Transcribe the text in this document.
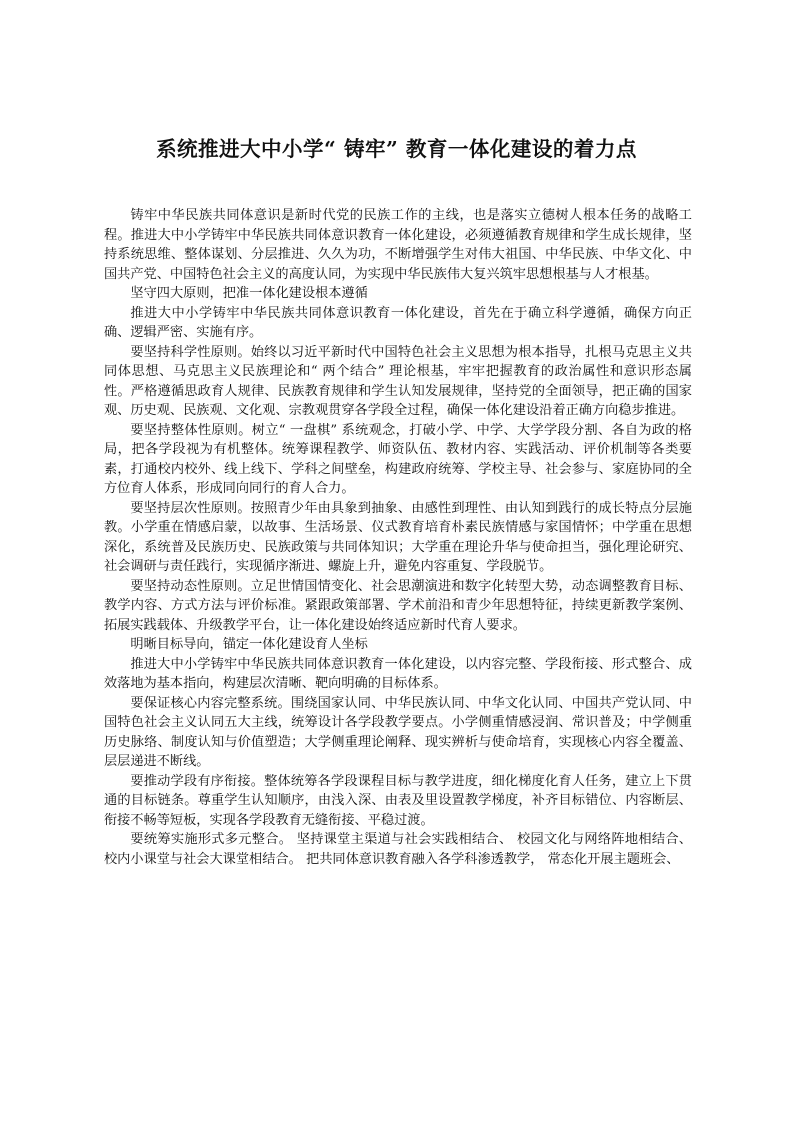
系统推进大中小学“ 铸牢” 教育一体化建设的着力点

铸牢中华民族共同体意识是新时代党的民族工作的主线，也是落实立德树人根本任务的战略工程。推进大中小学铸牢中华民族共同体意识教育一体化建设，必须遵循教育规律和学生成长规律，坚持系统思维、整体谋划、分层推进、久久为功，不断增强学生对伟大祖国、中华民族、中华文化、中国共产党、中国特色社会主义的高度认同，为实现中华民族伟大复兴筑牢思想根基与人才根基。

坚守四大原则，把准一体化建设根本遵循

推进大中小学铸牢中华民族共同体意识教育一体化建设，首先在于确立科学遵循，确保方向正确、逻辑严密、实施有序。

要坚持科学性原则。始终以习近平新时代中国特色社会主义思想为根本指导，扎根马克思主义共同体思想、马克思主义民族理论和“ 两个结合” 理论根基，牢牢把握教育的政治属性和意识形态属性。严格遵循思政育人规律、民族教育规律和学生认知发展规律，坚持党的全面领导，把正确的国家观、历史观、民族观、文化观、宗教观贯穿各学段全过程，确保一体化建设沿着正确方向稳步推进。

要坚持整体性原则。树立“ 一盘棋” 系统观念，打破小学、中学、大学学段分割、各自为政的格局，把各学段视为有机整体。统筹课程教学、师资队伍、教材内容、实践活动、评价机制等各类要素，打通校内校外、线上线下、学科之间壁垒，构建政府统筹、学校主导、社会参与、家庭协同的全方位育人体系，形成同向同行的育人合力。

要坚持层次性原则。按照青少年由具象到抽象、由感性到理性、由认知到践行的成长特点分层施教。小学重在情感启蒙，以故事、生活场景、仪式教育培育朴素民族情感与家国情怀；中学重在思想深化，系统普及民族历史、民族政策与共同体知识；大学重在理论升华与使命担当，强化理论研究、社会调研与责任践行，实现循序渐进、螺旋上升，避免内容重复、学段脱节。

要坚持动态性原则。立足世情国情变化、社会思潮演进和数字化转型大势，动态调整教育目标、教学内容、方式方法与评价标准。紧跟政策部署、学术前沿和青少年思想特征，持续更新教学案例、拓展实践载体、升级教学平台，让一体化建设始终适应新时代育人要求。

明晰目标导向，锚定一体化建设育人坐标

推进大中小学铸牢中华民族共同体意识教育一体化建设，以内容完整、学段衔接、形式整合、成效落地为基本指向，构建层次清晰、靶向明确的目标体系。

要保证核心内容完整系统。围绕国家认同、中华民族认同、中华文化认同、中国共产党认同、中国特色社会主义认同五大主线，统筹设计各学段教学要点。小学侧重情感浸润、常识普及；中学侧重历史脉络、制度认知与价值塑造；大学侧重理论阐释、现实辨析与使命培育，实现核心内容全覆盖、层层递进不断线。

要推动学段有序衔接。整体统筹各学段课程目标与教学进度，细化梯度化育人任务，建立上下贯通的目标链条。尊重学生认知顺序，由浅入深、由表及里设置教学梯度，补齐目标错位、内容断层、衔接不畅等短板，实现各学段教育无缝衔接、平稳过渡。

要统筹实施形式多元整合。 坚持课堂主渠道与社会实践相结合、 校园文化与网络阵地相结合、校内小课堂与社会大课堂相结合。 把共同体意识教育融入各学科渗透教学， 常态化开展主题班会、
